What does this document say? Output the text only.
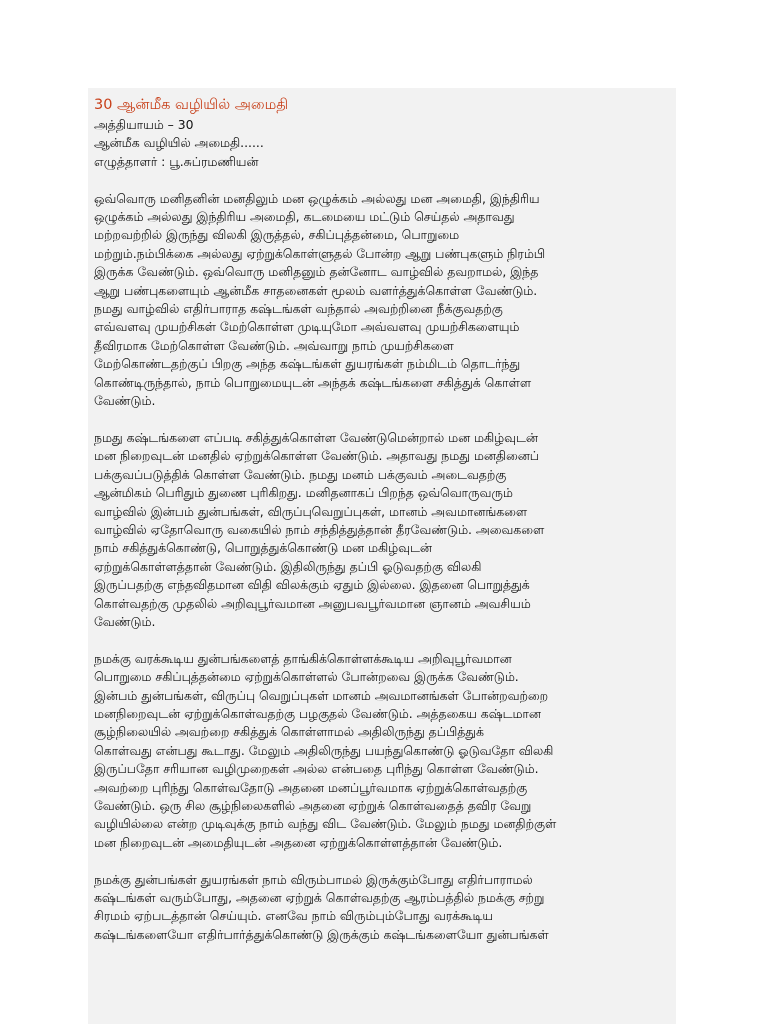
30 ஆன்மீக வழியில் அமைதி

அத்தியாயம் – 30

ஆன்மீக வழியில் அமைதி......

எழுத்தாளர் : பூ.சுப்ரமணியன்

ஒவ்வொரு மனிதனின் மனதிலும் மன ஒழுக்கம் அல்லது மன அமைதி, இந்திரிய
ஒழுக்கம் அல்லது இந்திரிய அமைதி, கடமையை மட்டும் செய்தல் அதாவது
மற்றவற்றில் இருந்து விலகி இருத்தல், சகிப்புத்தன்மை, பொறுமை
மற்றும்.நம்பிக்கை அல்லது ஏற்றுக்கொள்ளுதல் போன்ற ஆறு பண்புகளும் நிரம்பி
இருக்க வேண்டும். ஒவ்வொரு மனிதனும் தன்னோட வாழ்வில் தவறாமல், இந்த
ஆறு பண்புகளையும் ஆன்மீக சாதனைகள் மூலம் வளர்த்துக்கொள்ள வேண்டும்.
நமது வாழ்வில் எதிர்பாராத கஷ்டங்கள் வந்தால் அவற்றினை நீக்குவதற்கு
எவ்வளவு முயற்சிகள் மேற்கொள்ள முடியுமோ அவ்வளவு முயற்சிகளையும்
தீவிரமாக மேற்கொள்ள வேண்டும். அவ்வாறு நாம் முயற்சிகளை
மேற்கொண்டதற்குப் பிறகு அந்த கஷ்டங்கள் துயரங்கள் நம்மிடம் தொடர்ந்து
கொண்டிருந்தால், நாம் பொறுமையுடன் அந்தக் கஷ்டங்களை சகித்துக் கொள்ள
வேண்டும்.

நமது கஷ்டங்களை எப்படி சகித்துக்கொள்ள வேண்டுமென்றால் மன மகிழ்வுடன்
மன நிறைவுடன் மனதில் ஏற்றுக்கொள்ள வேண்டும். அதாவது நமது மனதினைப்
பக்குவப்படுத்திக் கொள்ள வேண்டும். நமது மனம் பக்குவம் அடைவதற்கு
ஆன்மிகம் பெரிதும் துணை புரிகிறது. மனிதனாகப் பிறந்த ஒவ்வொருவரும்
வாழ்வில் இன்பம் துன்பங்கள், விருப்புவெறுப்புகள், மானம் அவமானங்களை
வாழ்வில் ஏதோவொரு வகையில் நாம் சந்தித்துத்தான் தீரவேண்டும். அவைகளை
நாம் சகித்துக்கொண்டு, பொறுத்துக்கொண்டு மன மகிழ்வுடன்
ஏற்றுக்கொள்ளத்தான் வேண்டும். இதிலிருந்து தப்பி ஓடுவதற்கு விலகி
இருப்பதற்கு எந்தவிதமான விதி விலக்கும் ஏதும் இல்லை. இதனை பொறுத்துக்
கொள்வதற்கு முதலில் அறிவுபூர்வமான அனுபவபூர்வமான ஞானம் அவசியம்
வேண்டும்.

நமக்கு வரக்கூடிய துன்பங்களைத் தாங்கிக்கொள்ளக்கூடிய அறிவுபூர்வமான
பொறுமை சகிப்புத்தன்மை ஏற்றுக்கொள்ளல் போன்றவை இருக்க வேண்டும்.
இன்பம் துன்பங்கள், விருப்பு வெறுப்புகள் மானம் அவமானங்கள் போன்றவற்றை
மனநிறைவுடன் ஏற்றுக்கொள்வதற்கு பழகுதல் வேண்டும். அத்தகைய கஷ்டமான
சூழ்நிலையில் அவற்றை சகித்துக் கொள்ளாமல் அதிலிருந்து தப்பித்துக்
கொள்வது என்பது கூடாது. மேலும் அதிலிருந்து பயந்துகொண்டு ஓடுவதோ விலகி
இருப்பதோ சரியான வழிமுறைகள் அல்ல என்பதை புரிந்து கொள்ள வேண்டும்.
அவற்றை புரிந்து கொள்வதோடு அதனை மனப்பூர்வமாக ஏற்றுக்கொள்வதற்கு
வேண்டும். ஒரு சில சூழ்நிலைகளில் அதனை ஏற்றுக் கொள்வதைத் தவிர வேறு
வழியில்லை என்ற முடிவுக்கு நாம் வந்து விட வேண்டும். மேலும் நமது மனதிற்குள்
மன நிறைவுடன் அமைதியுடன் அதனை ஏற்றுக்கொள்ளத்தான் வேண்டும்.

நமக்கு துன்பங்கள் துயரங்கள் நாம் விரும்பாமல் இருக்கும்போது எதிர்பாராமல்
கஷ்டங்கள் வரும்போது, அதனை ஏற்றுக் கொள்வதற்கு ஆரம்பத்தில் நமக்கு சற்று
சிரமம் ஏற்படத்தான் செய்யும். எனவே நாம் விரும்பும்போது வரக்கூடிய
கஷ்டங்களையோ எதிர்பார்த்துக்கொண்டு இருக்கும் கஷ்டங்களையோ துன்பங்கள்
